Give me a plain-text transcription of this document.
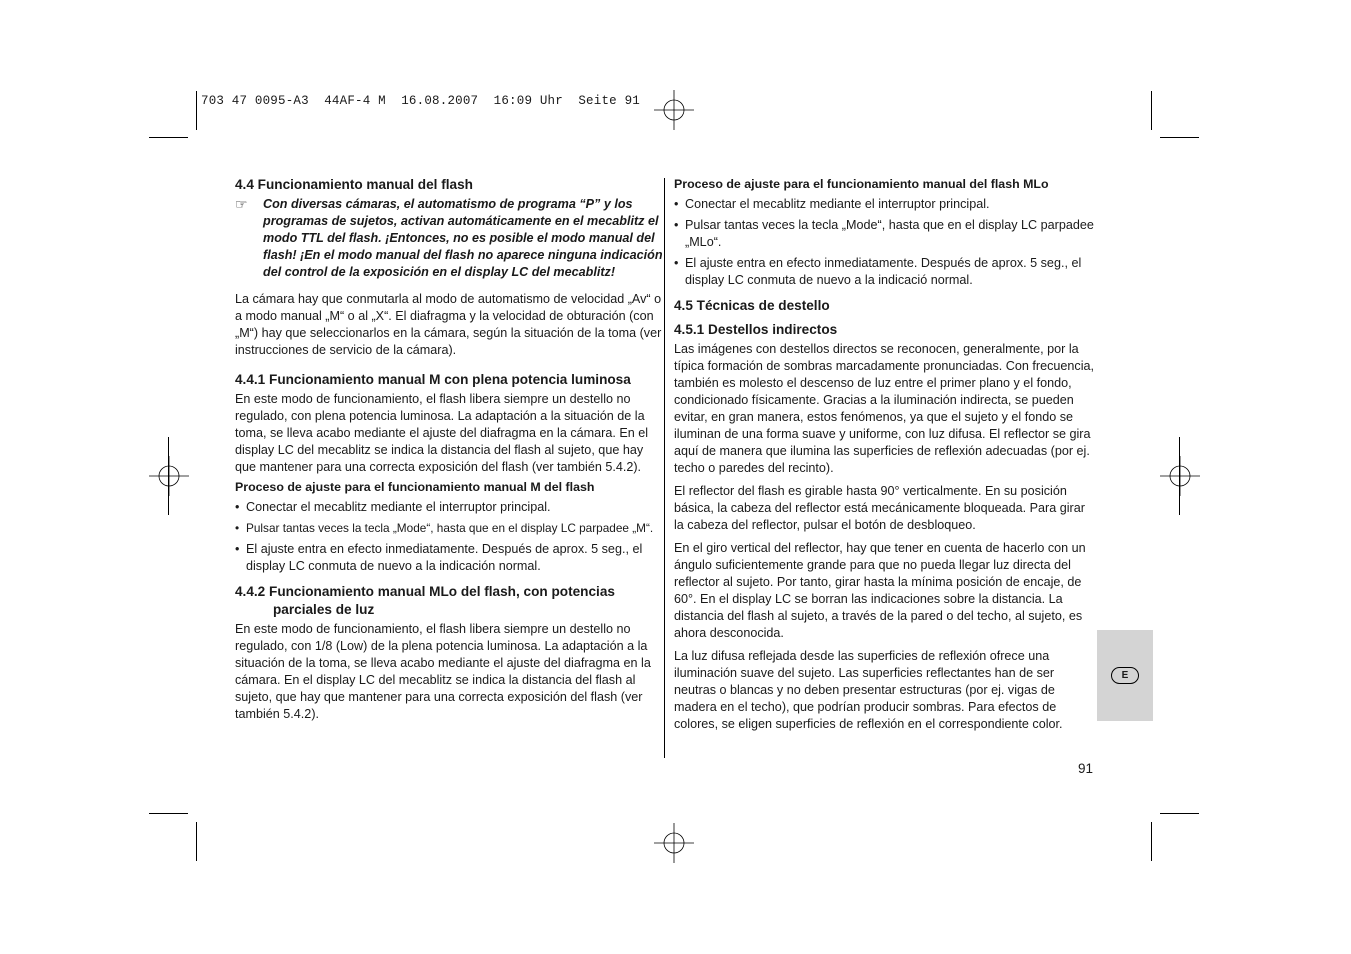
703 47 0095-A3  44AF-4 M  16.08.2007  16:09 Uhr  Seite 91
4.4 Funcionamiento manual del flash
☞	Con diversas cámaras, el automatismo de programa “P” y los programas de sujetos, activan automáticamente en el mecablitz el modo TTL del flash. ¡Entonces, no es posible el modo manual del flash! ¡En el modo manual del flash no aparece ninguna indicación del control de la exposición en el display LC del mecablitz!

La cámara hay que conmutarla al modo de automatismo de velocidad „Av“ o a modo manual „M“ o al „X“. El diafragma y la velocidad de obturación (con „M“) hay que seleccionarlos en la cámara, según la situación de la toma (ver instrucciones de servicio de la cámara).

4.4.1 Funcionamiento manual M con plena potencia luminosa

En este modo de funcionamiento, el flash libera siempre un destello no regulado, con plena potencia luminosa. La adaptación a la situación de la toma, se lleva acabo mediante el ajuste del diafragma en la cámara. En el display LC del mecablitz se indica la distancia del flash al sujeto, que hay que mantener para una correcta exposición del flash (ver también 5.4.2).

Proceso de ajuste para el funcionamiento manual M del flash
• Conectar el mecablitz mediante el interruptor principal.
• Pulsar tantas veces la tecla „Mode“, hasta que en el display LC parpadee „M“.
• El ajuste entra en efecto inmediatamente. Después de aprox. 5 seg., el display LC conmuta de nuevo a la indicación normal.
4.4.2 Funcionamiento manual MLo del flash, con potencias parciales de luz

En este modo de funcionamiento, el flash libera siempre un destello no regulado, con 1/8 (Low) de la plena potencia luminosa. La adaptación a la situación de la toma, se lleva acabo mediante el ajuste del diafragma en la cámara. En el display LC del mecablitz se indica la distancia del flash al sujeto, que hay que mantener para una correcta exposición del flash (ver también 5.4.2).

Proceso de ajuste para el funcionamiento manual del flash MLo
• Conectar el mecablitz mediante el interruptor principal.
• Pulsar tantas veces la tecla „Mode“, hasta que en el display LC parpadee „MLo“.
• El ajuste entra en efecto inmediatamente. Después de aprox. 5 seg., el display LC conmuta de nuevo a la indicació normal.
4.5 Técnicas de destello
4.5.1 Destellos indirectos

Las imágenes con destellos directos se reconocen, generalmente, por la típica formación de sombras marcadamente pronunciadas. Con frecuencia, también es molesto el descenso de luz entre el primer plano y el fondo, condicionado físicamente. Gracias a la iluminación indirecta, se pueden evitar, en gran manera, estos fenómenos, ya que el sujeto y el fondo se iluminan de una forma suave y uniforme, con luz difusa. El reflector se gira aquí de manera que ilumina las superficies de reflexión adecuadas (por ej. techo o paredes del recinto).

El reflector del flash es girable hasta 90° verticalmente. En su posición básica, la cabeza del reflector está mecánicamente bloqueada. Para girar la cabeza del reflector, pulsar el botón de desbloqueo.

En el giro vertical del reflector, hay que tener en cuenta de hacerlo con un ángulo suficientemente grande para que no pueda llegar luz directa del reflector al sujeto. Por tanto, girar hasta la mínima posición de encaje, de 60°. En el display LC se borran las indicaciones sobre la distancia. La distancia del flash al sujeto, a través de la pared o del techo, al sujeto, es ahora desconocida.

La luz difusa reflejada desde las superficies de reflexión ofrece una iluminación suave del sujeto. Las superficies reflectantes han de ser neutras o blancas y no deben presentar estructuras (por ej. vigas de madera en el techo), que podrían producir sombras. Para efectos de colores, se eligen superficies de reflexión en el correspondiente color.

E
91
